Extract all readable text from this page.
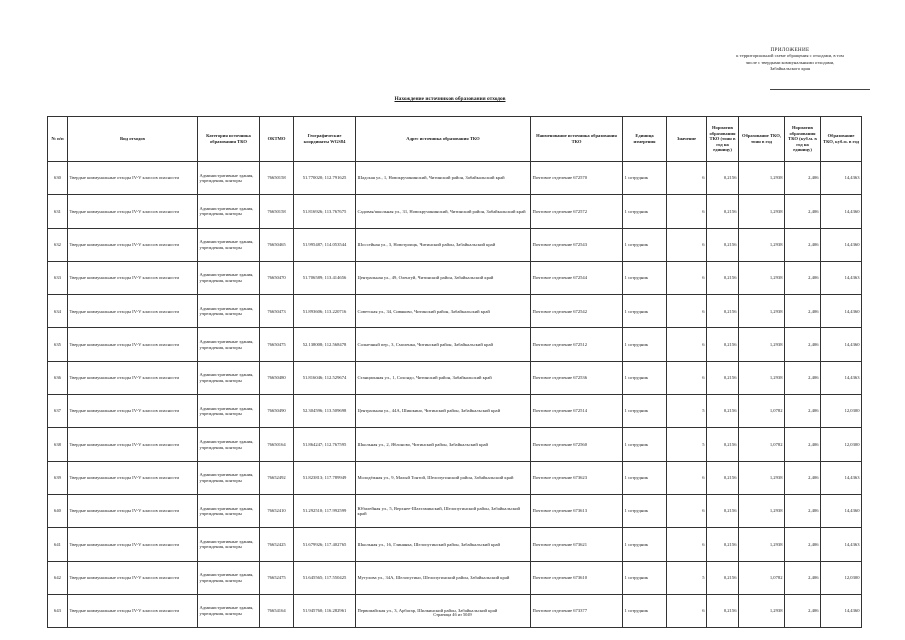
ПРИЛОЖЕНИЕ
к территориальной схеме обращения с отходами, в том
числе с твердыми коммунальными отходами,
Забайкальского края
Нахождение источников образования отходов
№ п/п	Вид отходов	Категория источника образования ТКО	ОКТМО	Географические координаты WGS84	Адрес источника образования ТКО	Наименование источника образования ТКО	Единица измерения	Значение	Норматив образования ТКО (тонн в год на единицу)	Образование ТКО, тонн в год	Норматив образования ТКО (куб.м. в год на единицу)	Образование ТКО, куб.м. в год
630	Твердые коммунальные отходы IV-V классов опасности	Административные здания, учреждения, конторы	76650158	51.770020; 112.791625	Шадская ул., 1, Новокручининский, Читинский район, Забайкальский край	Почтовое отделение 672570	1 сотрудник	6	0,2156	1,2938	2,406	14,4363
631	Твердые коммунальные отходы IV-V классов опасности	Административные здания, учреждения, конторы	76650158	51.816926; 113.767675	Садовая/школьная ул., 31, Новокручининский, Читинский район, Забайкальский край	Почтовое отделение 672572	1 сотрудник	6	0,2156	1,2938	2,406	14,4360
632	Твердые коммунальные отходы IV-V классов опасности	Административные здания, учреждения, конторы	76650465	51.995487; 114.053544	Шоссейная ул., 3, Новотроицк, Читинский район, Забайкальский край	Почтовое отделение 672543	1 сотрудник	6	0,2156	1,2938	2,406	14,4360
633	Твердые коммунальные отходы IV-V классов опасности	Административные здания, учреждения, конторы	76650470	51.706589; 113.414656	Центральная ул., 49, Оленгуй, Читинский район, Забайкальский край	Почтовое отделение 672544	1 сотрудник	6	0,2156	1,2938	2,406	14,4363
634	Твердые коммунальные отходы IV-V классов опасности	Административные здания, учреждения, конторы	76650473	51.893606; 113.220716	Советская ул., 34, Сивяково, Читинский район, Забайкальский край	Почтовое отделение 672542	1 сотрудник	6	0,2156	1,2938	2,406	14,4360
635	Твердые коммунальные отходы IV-V классов опасности	Административные здания, учреждения, конторы	76650475	52.138008; 112.568478	Солнечный пер., 3, Смоленка, Читинский район, Забайкальский край	Почтовое отделение 672512	1 сотрудник	6	0,2156	1,2938	2,406	14,4360
636	Твердые коммунальные отходы IV-V классов опасности	Административные здания, учреждения, конторы	76650480	51.816046; 112.529674	Станционная ул., 1, Сохондо, Читинский район, Забайкальский край	Почтовое отделение 672536	1 сотрудник	6	0,2156	1,2938	2,406	14,4363
637	Твердые коммунальные отходы IV-V классов опасности	Административные здания, учреждения, конторы	76650490	52.304596; 113.509698	Центральная ул., 44А, Шишкино, Читинский район, Забайкальский край	Почтовое отделение 672514	1 сотрудник	5	0,2156	1,0782	2,406	12,0300
638	Твердые коммунальные отходы IV-V классов опасности	Административные здания, учреждения, конторы	76650164	51.864247; 112.767595	Школьная ул., 2, Яблоново, Читинский район, Забайкальский край	Почтовое отделение 672560	1 сотрудник	5	0,2156	1,0782	2,406	12,0300
639	Твердые коммунальные отходы IV-V классов опасности	Административные здания, учреждения, конторы	76652492	51.823813; 117.789949	Молодёжная ул., 9, Малый Тонтой, Шелопугинский район, Забайкальский край	Почтовое отделение 673623	1 сотрудник	6	0,2156	1,2938	2,406	14,4363
640	Твердые коммунальные отходы IV-V классов опасности	Административные здания, учреждения, конторы	76652410	51.292510; 117.992599	Юбилейная ул., 5, Верхнее-Шахтаминский, Шелопугинский район, Забайкальский край	Почтовое отделение 673613	1 сотрудник	6	0,2156	1,2938	2,406	14,4360
641	Твердые коммунальные отходы IV-V классов опасности	Административные здания, учреждения, конторы	76652425	51.679926; 117.402765	Школьная ул., 16, Глинянка, Шелопугинский район, Забайкальский край	Почтовое отделение 673621	1 сотрудник	6	0,2156	1,2938	2,406	14,4363
642	Твердые коммунальные отходы IV-V классов опасности	Административные здания, учреждения, конторы	76652475	51.645565; 117.550425	Мутулова ул., 34А, Шелопугино, Шелопугинский район, Забайкальский край	Почтовое отделение 673610	1 сотрудник	5	0,2156	1,0782	2,406	12,0300
643	Твердые коммунальные отходы IV-V классов опасности	Административные здания, учреждения, конторы	76654164	51.945760; 116.282961	Первомайская ул., 3, Арбагар, Шилкинский район, Забайкальский край	Почтовое отделение 673377	1 сотрудник	6	0,2156	1,2938	2,406	14,4360
Страница 46 из 5049
